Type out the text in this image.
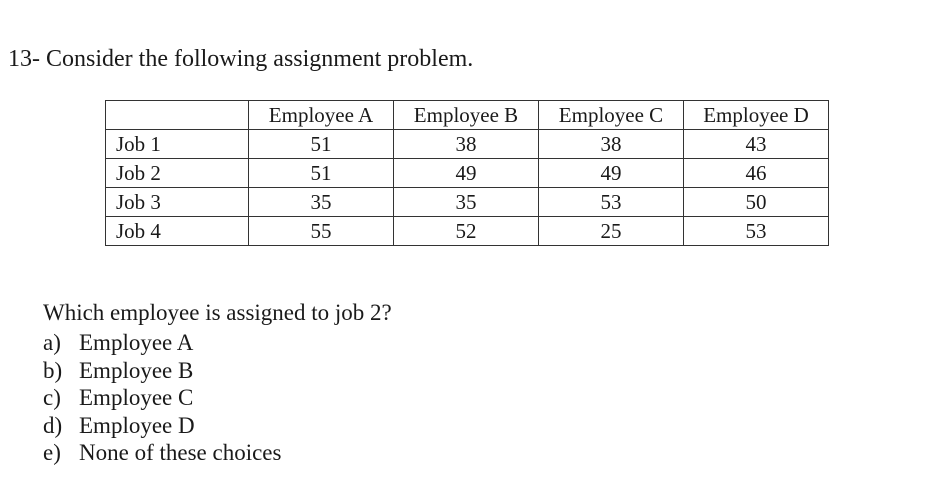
13- Consider the following assignment problem.
	Employee A	Employee B	Employee C	Employee D
Job 1	51	38	38	43
Job 2	51	49	49	46
Job 3	35	35	53	50
Job 4	55	52	25	53
Which employee is assigned to job 2?
a) Employee A
b) Employee B
c) Employee C
d) Employee D
e) None of these choices
